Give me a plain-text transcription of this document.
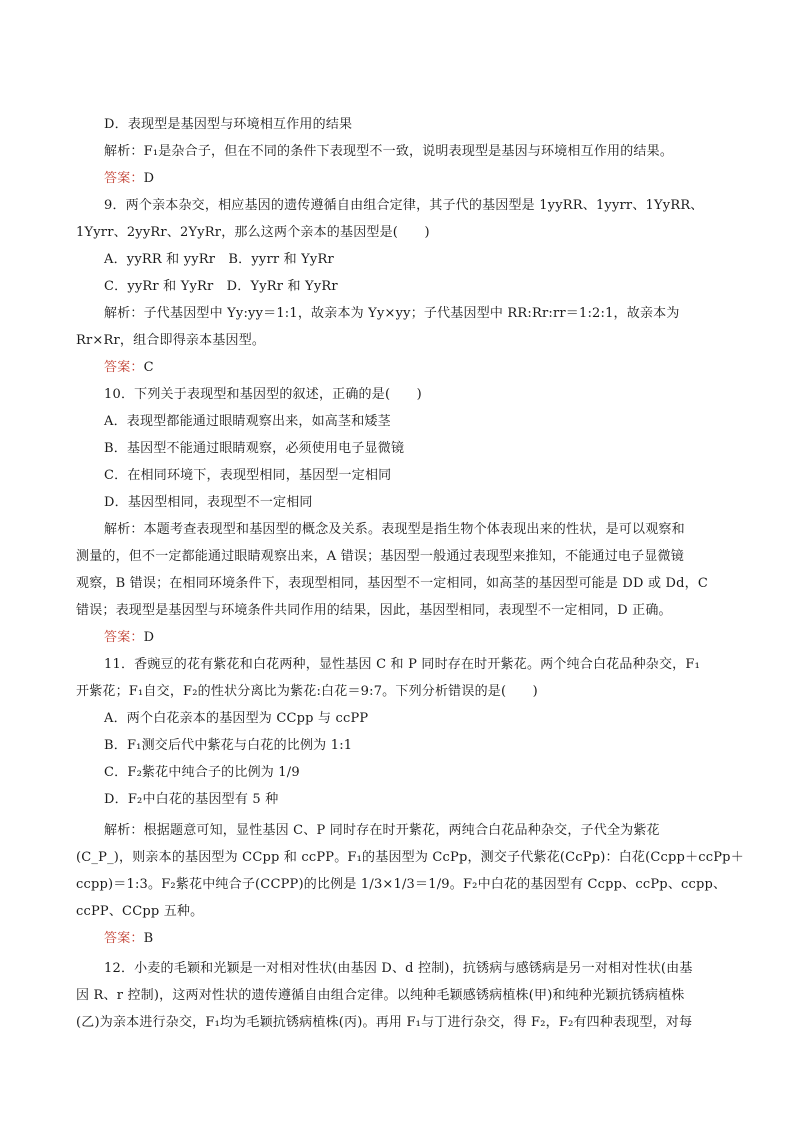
D．表现型是基因型与环境相互作用的结果
解析：F₁是杂合子，但在不同的条件下表现型不一致，说明表现型是基因与环境相互作用的结果。
答案：D
9．两个亲本杂交，相应基因的遗传遵循自由组合定律，其子代的基因型是 1yyRR、1yyrr、1YyRR、
1Yyrr、2yyRr、2YyRr，那么这两个亲本的基因型是(　　)
A．yyRR 和 yyRr　B．yyrr 和 YyRr
C．yyRr 和 YyRr　D．YyRr 和 YyRr
解析：子代基因型中 Yy:yy＝1:1，故亲本为 Yy×yy；子代基因型中 RR:Rr:rr＝1:2:1，故亲本为
Rr×Rr，组合即得亲本基因型。
答案：C
10．下列关于表现型和基因型的叙述，正确的是(　　)
A．表现型都能通过眼睛观察出来，如高茎和矮茎
B．基因型不能通过眼睛观察，必须使用电子显微镜
C．在相同环境下，表现型相同，基因型一定相同
D．基因型相同，表现型不一定相同
解析：本题考查表现型和基因型的概念及关系。表现型是指生物个体表现出来的性状，是可以观察和
测量的，但不一定都能通过眼睛观察出来，A 错误；基因型一般通过表现型来推知，不能通过电子显微镜
观察，B 错误；在相同环境条件下，表现型相同，基因型不一定相同，如高茎的基因型可能是 DD 或 Dd，C
错误；表现型是基因型与环境条件共同作用的结果，因此，基因型相同，表现型不一定相同，D 正确。
答案：D
11．香豌豆的花有紫花和白花两种，显性基因 C 和 P 同时存在时开紫花。两个纯合白花品种杂交，F₁
开紫花；F₁自交，F₂的性状分离比为紫花:白花＝9:7。下列分析错误的是(　　)
A．两个白花亲本的基因型为 CCpp 与 ccPP
B．F₁测交后代中紫花与白花的比例为 1:1
C．F₂紫花中纯合子的比例为 1/9
D．F₂中白花的基因型有 5 种
解析：根据题意可知，显性基因 C、P 同时存在时开紫花，两纯合白花品种杂交，子代全为紫花
(C_P_)，则亲本的基因型为 CCpp 和 ccPP。F₁的基因型为 CcPp，测交子代紫花(CcPp)：白花(Ccpp＋ccPp＋
ccpp)＝1:3。F₂紫花中纯合子(CCPP)的比例是 1/3×1/3＝1/9。F₂中白花的基因型有 Ccpp、ccPp、ccpp、
ccPP、CCpp 五种。
答案：B
12．小麦的毛颖和光颖是一对相对性状(由基因 D、d 控制)，抗锈病与感锈病是另一对相对性状(由基
因 R、r 控制)，这两对性状的遗传遵循自由组合定律。以纯种毛颖感锈病植株(甲)和纯种光颖抗锈病植株
(乙)为亲本进行杂交，F₁均为毛颖抗锈病植株(丙)。再用 F₁与丁进行杂交，得 F₂，F₂有四种表现型，对每
